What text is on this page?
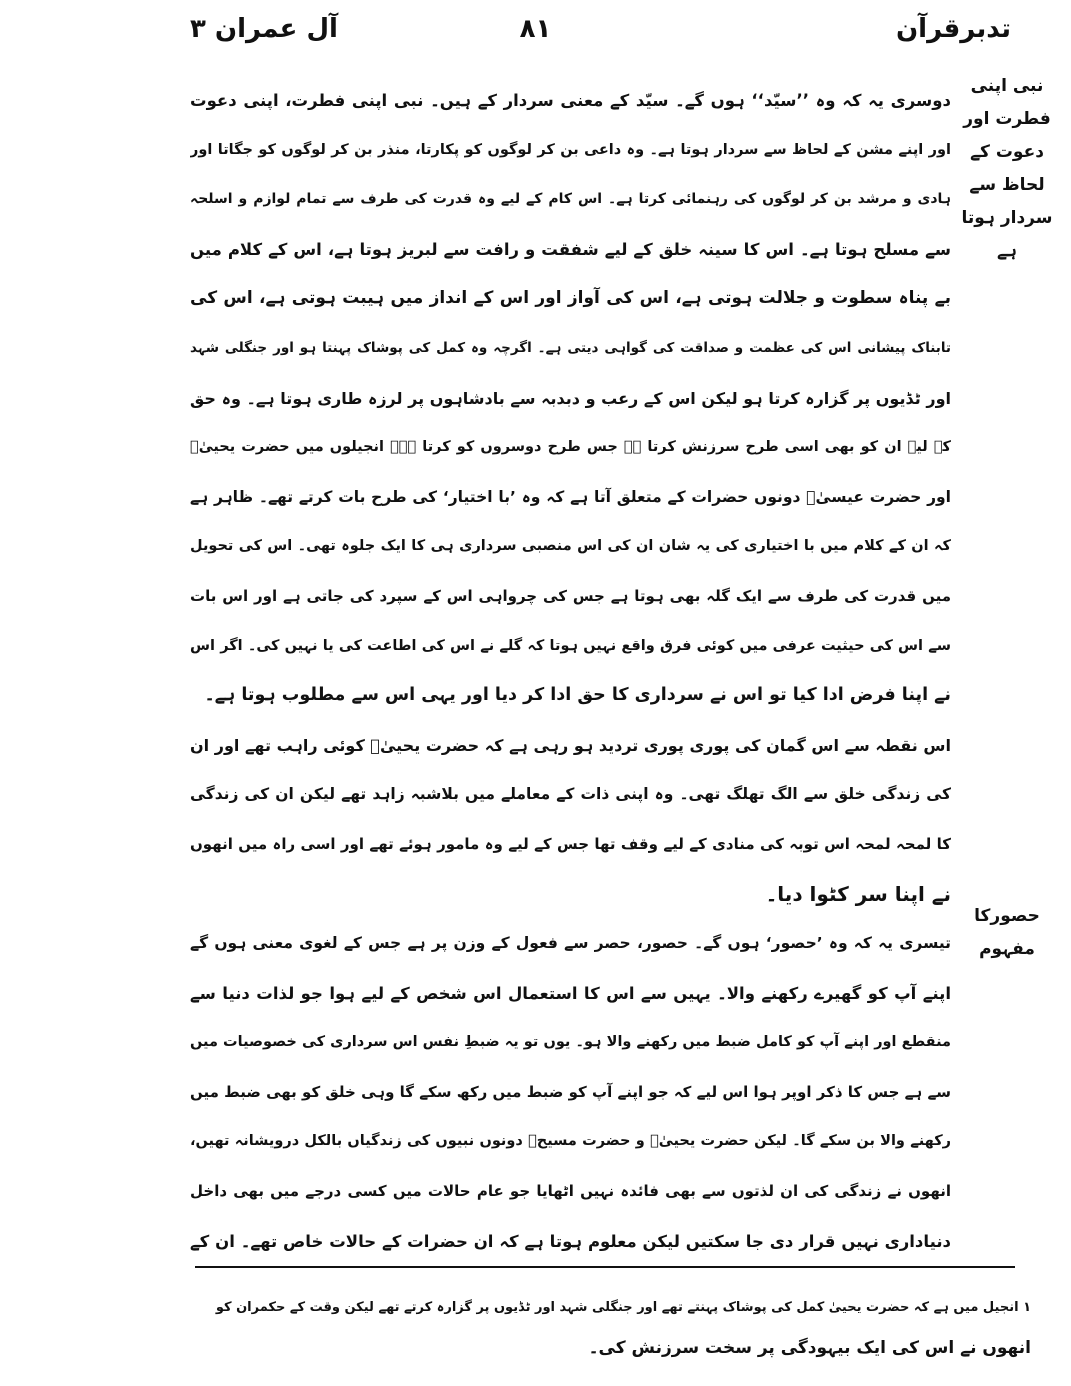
تدبرقرآن
۸۱
آل عمران ۳
نبی اپنی فطرت اور دعوت کے لحاظ سے سردار ہوتا ہے
حصورکا مفہوم
دوسری یہ کہ وہ ’’سیّد‘‘ ہوں گے۔ سیّد کے معنی سردار کے ہیں۔ نبی اپنی فطرت، اپنی دعوت
اور اپنے مشن کے لحاظ سے سردار ہوتا ہے۔ وہ داعی بن کر لوگوں کو پکارتا، منذر بن کر لوگوں کو جگاتا اور
ہادی و مرشد بن کر لوگوں کی رہنمائی کرتا ہے۔ اس کام کے لیے وہ قدرت کی طرف سے تمام لوازم و اسلحہ
سے مسلح ہوتا ہے۔ اس کا سینہ خلق کے لیے شفقت و رافت سے لبریز ہوتا ہے، اس کے کلام میں
بے پناہ سطوت و جلالت ہوتی ہے، اس کی آواز اور اس کے انداز میں ہیبت ہوتی ہے، اس کی
تابناک پیشانی اس کی عظمت و صداقت کی گواہی دیتی ہے۔ اگرچہ وہ کمل کی پوشاک پہنتا ہو اور جنگلی شہد
اور ٹڈیوں پر گزارہ کرتا ہو لیکن اس کے رعب و دبدبہ سے بادشاہوں پر لرزہ طاری ہوتا ہے۔ وہ حق
کے لیے ان کو بھی اسی طرح سرزنش کرتا ہے جس طرح دوسروں کو کرتا ہے۔ انجیلوں میں حضرت یحییٰؑ
اور حضرت عیسیٰؑ دونوں حضرات کے متعلق آتا ہے کہ وہ ’با اختیار‘ کی طرح بات کرتے تھے۔ ظاہر ہے
کہ ان کے کلام میں با اختیاری کی یہ شان ان کی اس منصبی سرداری ہی کا ایک جلوہ تھی۔ اس کی تحویل
میں قدرت کی طرف سے ایک گلہ بھی ہوتا ہے جس کی چرواہی اس کے سپرد کی جاتی ہے اور اس بات
سے اس کی حیثیت عرفی میں کوئی فرق واقع نہیں ہوتا کہ گلے نے اس کی اطاعت کی یا نہیں کی۔ اگر اس
نے اپنا فرض ادا کیا تو اس نے سرداری کا حق ادا کر دیا اور یہی اس سے مطلوب ہوتا ہے۔
اس نقطہ سے اس گمان کی پوری پوری تردید ہو رہی ہے کہ حضرت یحییٰؑ کوئی راہب تھے اور ان
کی زندگی خلق سے الگ تھلگ تھی۔ وہ اپنی ذات کے معاملے میں بلاشبہ زاہد تھے لیکن ان کی زندگی
کا لمحہ لمحہ اس توبہ کی منادی کے لیے وقف تھا جس کے لیے وہ مامور ہوئے تھے اور اسی راہ میں انھوں
نے اپنا سر کٹوا دیا۔
تیسری یہ کہ وہ ’حصور‘ ہوں گے۔ حصور، حصر سے فعول کے وزن پر ہے جس کے لغوی معنی ہوں گے
اپنے آپ کو گھیرے رکھنے والا۔ یہیں سے اس کا استعمال اس شخص کے لیے ہوا جو لذات دنیا سے
منقطع اور اپنے آپ کو کامل ضبط میں رکھنے والا ہو۔ یوں تو یہ ضبطِ نفس اس سرداری کی خصوصیات میں
سے ہے جس کا ذکر اوپر ہوا اس لیے کہ جو اپنے آپ کو ضبط میں رکھ سکے گا وہی خلق کو بھی ضبط میں
رکھنے والا بن سکے گا۔ لیکن حضرت یحییٰؑ و حضرت مسیحؑ دونوں نبیوں کی زندگیاں بالکل درویشانہ تھیں،
انھوں نے زندگی کی ان لذتوں سے بھی فائدہ نہیں اٹھایا جو عام حالات میں کسی درجے میں بھی داخل
دنیاداری نہیں قرار دی جا سکتیں لیکن معلوم ہوتا ہے کہ ان حضرات کے حالات خاص تھے۔ ان کے
۱ انجیل میں ہے کہ حضرت یحییٰ کمل کی پوشاک پہنتے تھے اور جنگلی شہد اور ٹڈیوں پر گزارہ کرتے تھے لیکن وقت کے حکمران کو
انھوں نے اس کی ایک بیہودگی پر سخت سرزنش کی۔
